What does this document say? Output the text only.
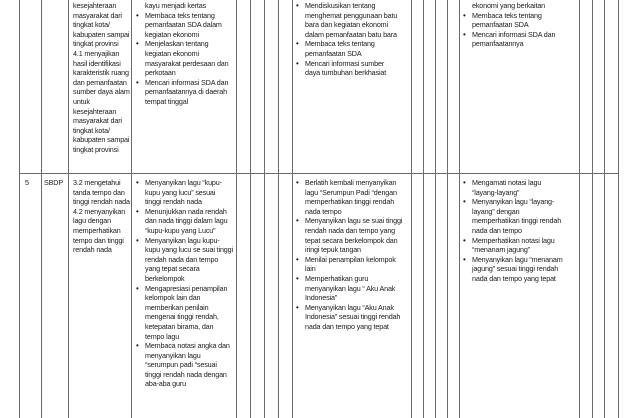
kesejahteraan
masyarakat dari
tingkat kota/
kabupaten sampai
tingkat provinsi
4.1 menyajikan
hasil identifikasi
karakteristik ruang
dan pemanfaatan
sumber daya alam
untuk
kesejahteraan
masyarakat dari
tingkat kota/
kabupaten sampai
tingkat provinsi
kayu menjadi kertas
• Membaca teks tentang
pemanfaatan SDA dalam
kegiatan ekonomi
• Menjelaskan tentang
kegiatan ekonomi
masyarakat perdesaan dan
perkotaan
• Mencari informasi SDA dan
pemanfaatannya di daerah
tempat tinggal
• Mendiskusikan tentang
menghemat penggunaan batu
bara dan kegiatan ekonomi
dalam pemanfaatan batu bara
• Membaca teks tentang
pemanfaatan SDA
• Mencari informasi sumber
daya tumbuhan berkhasiat
ekonomi yang berkaitan
• Membaca teks tentang
pemanfaatan SDA
• Mencari informasi SDA dan
pemanfaatannya
5 SBDP 3.2 mengetahui
tanda tempo dan
tinggi rendah nada
4.2 menyanyikan
lagu dengan
memperhatikan
tempo dan tinggi
rendah nada
• Menyanyikan lagu “kupu-
kupu yang lucu” sesuai
tinggi rendah nada
• Menunjukkan nada rendah
dan nada tinggi dalam lagu
“kupu-kupu yang Lucu”
• Menyanyikan lagu kupu-
kupu yang lucu se suai tinggi
rendah nada dan tempo
yang tepat secara
berkelompok
• Mengapresiasi penampilan
kelompok lain dan
memberikan penilain
mengenai tinggi rendah,
ketepatan birama, dan
tempo lagu
• Membaca notasi angka dan
menyanyikan lagu
“serumpun padi “sesuai
tinggi rendah nada dengan
aba-aba guru
• Berlatih kembali menyanyikan
lagu “Serumpun Padi “dengan
memperhatikan tinggi rendah
nada tempo
• Menyanyikan lagu se suai tinggi
rendah nada dan tempo yang
tepat secara berkelompok dan
iringi tepuk tangan
• Menilai penampilan kelompok
lain
• Memperhatikan guru
menyanyikan lagu “ Aku Anak
Indonesia”
• Menyanyikan lagu “Aku Anak
Indonesia” sesuai tinggi rendah
nada dan tempo yang tepat
• Mengamati notasi lagu
“layang-layang”
• Menyanyikan lagu “layang-
layang” dengan
memperhatikan tinggi rendah
nada dan tempo
• Memperhatikan notasi lagu
“menanam jagung”
• Menyanyikan lagu “menanam
jagung” sesuai tinggi rendah
nada dan tempo yang tepat
